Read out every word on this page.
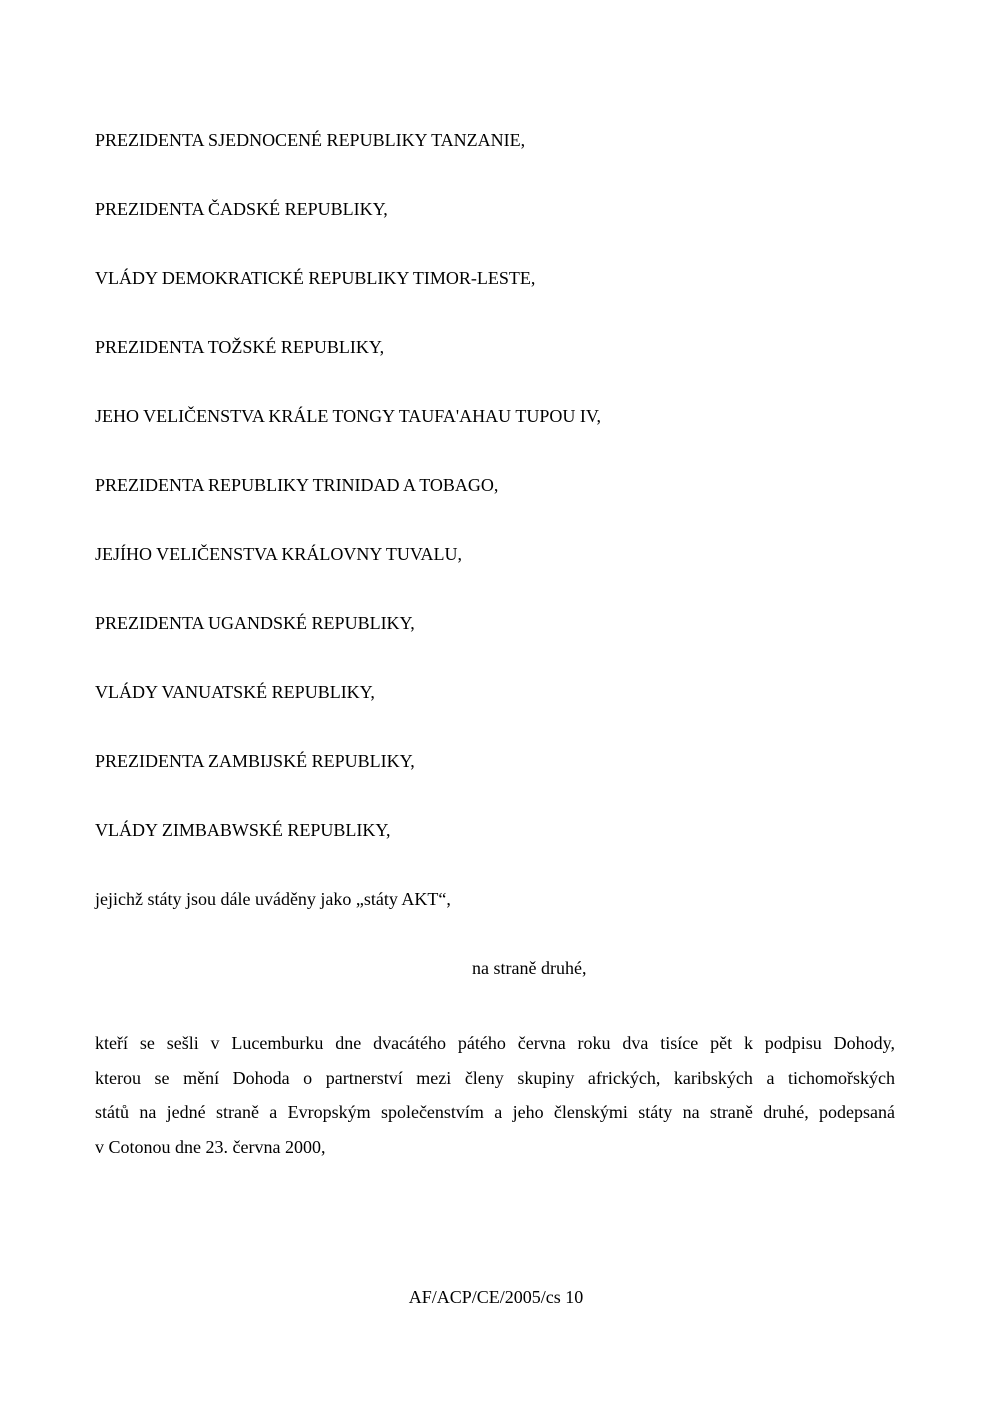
PREZIDENTA SJEDNOCENÉ REPUBLIKY TANZANIE,
PREZIDENTA ČADSKÉ REPUBLIKY,
VLÁDY DEMOKRATICKÉ REPUBLIKY TIMOR-LESTE,
PREZIDENTA TOŽSKÉ REPUBLIKY,
JEHO VELIČENSTVA KRÁLE TONGY TAUFA'AHAU TUPOU IV,
PREZIDENTA REPUBLIKY TRINIDAD A TOBAGO,
JEJÍHO VELIČENSTVA KRÁLOVNY TUVALU,
PREZIDENTA UGANDSKÉ REPUBLIKY,
VLÁDY VANUATSKÉ REPUBLIKY,
PREZIDENTA ZAMBIJSKÉ REPUBLIKY,
VLÁDY ZIMBABWSKÉ REPUBLIKY,
jejichž státy jsou dále uváděny jako „státy AKT“,
na straně druhé,
kteří se sešli v Lucemburku dne dvacátého pátého června roku dva tisíce pět k podpisu Dohody,
kterou se mění Dohoda o partnerství mezi členy skupiny afrických, karibských a tichomořských
států na jedné straně a Evropským společenstvím a jeho členskými státy na straně druhé, podepsaná
v Cotonou dne 23. června 2000,
AF/ACP/CE/2005/cs 10
